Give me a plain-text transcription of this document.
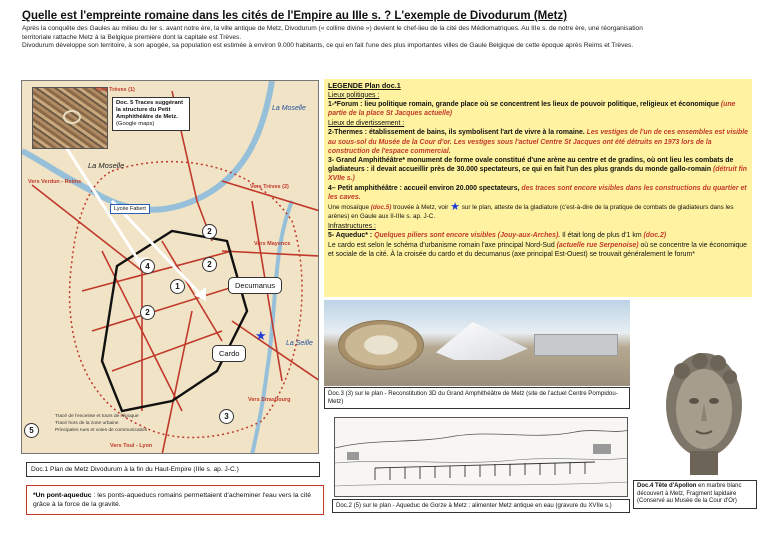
Quelle est l'empreinte romaine dans les cités de l'Empire au IIIe s. ? L'exemple de Divodurum (Metz)
Après la conquête des Gaules au milieu du Ier s. avant notre ère, la ville antique de Metz, Divodurum (« colline divine ») devient le chef-lieu de la cité des Médiomatriques. Au IIIe s. de notre ère, une réorganisation
territoriale rattache Metz à la Belgique première dont la capitale est Trèves.
Divodurum développe son territoire, à son apogée, sa population est estimée à environ 9.000 habitants, ce qui en fait l'une des plus importantes villes de Gaule Belgique de cette époque après Reims et Trèves.
Doc. 5 Traces suggérant la structure du Petit Amphithéâtre de Metz. (Google maps)
Vers Trèves (1)
Vers Verdun - Reims
Vers Trèves (2)
Vers Mayence
Vers Strasbourg
Vers Toul - Lyon
La Moselle
La Moselle
La Seille
Lycée Fabert
Decumanus
Cardo
1
2
2
2
3
4
5
★
Tracé de l'enceinte et tours de l'époque
Tracé hors de la zone urbaine
Principales rues et voies de communication
Doc.1 Plan de Metz Divodurum à la fin du Haut-Empire (IIIe s. ap. J-C.)
*Un pont-aqueduc : les ponts-aqueducs romains permettaient d'acheminer l'eau vers la cité grâce à la force de la gravité.

LEGENDE Plan doc.1

Lieux politiques :

1-*Forum : lieu politique romain, grande place où se concentrent les lieux de pouvoir politique, religieux et économique (une partie de la place St Jacques actuelle)

Lieux de divertissement :

2-Thermes : établissement de bains, ils symbolisent l'art de vivre à la romaine. Les vestiges de l'un de ces ensembles est visible au sous-sol du Musée de la Cour d'or. Les vestiges sous l'actuel Centre St Jacques ont été détruits en 1973 lors de la construction de l'espace commercial.

3- Grand Amphithéâtre* monument de forme ovale constitué d'une arène au centre et de gradins, où ont lieu les combats de gladiateurs : il devait accueillir près de 30.000 spectateurs, ce qui en fait l'un des plus grands du monde gallo-romain (détruit fin XVIIe s.)

4– Petit amphithéâtre : accueil environ 20.000 spectateurs, des traces sont encore visibles dans les constructions du quartier et les caves.

Une mosaïque (doc.5) trouvée à Metz, voir ★ sur le plan, atteste de la gladiature (c'est-à-dire de la pratique de combats de gladiateurs dans les arènes) en Gaule aux II-IIIe s. ap. J-C.

Infrastructures :

5- Aqueduc* : Quelques piliers sont encore visibles (Jouy-aux-Arches). Il était long de plus d'1 km (doc.2)

Le cardo est selon le schéma d'urbanisme romain l'axe principal Nord-Sud (actuelle rue Serpenoise) où se concentre la vie économique et sociale de la cité. À la croisée du cardo et du decumanus (axe principal Est-Ouest) se trouvait généralement le forum*

Doc.3 (3) sur le plan - Reconstitution 3D du Grand Amphithéâtre de Metz (site de l'actuel Centre Pompidou-Metz)
Doc.2 (5) sur le plan - Aqueduc de Gorze à Metz : alimenter Metz antique en eau (gravure du XVIIe s.)
Doc.4 Tête d'Apollon en marbre blanc découvert à Metz, Fragment lapidaire (Conservé au Musée de la Cour d'Or)
